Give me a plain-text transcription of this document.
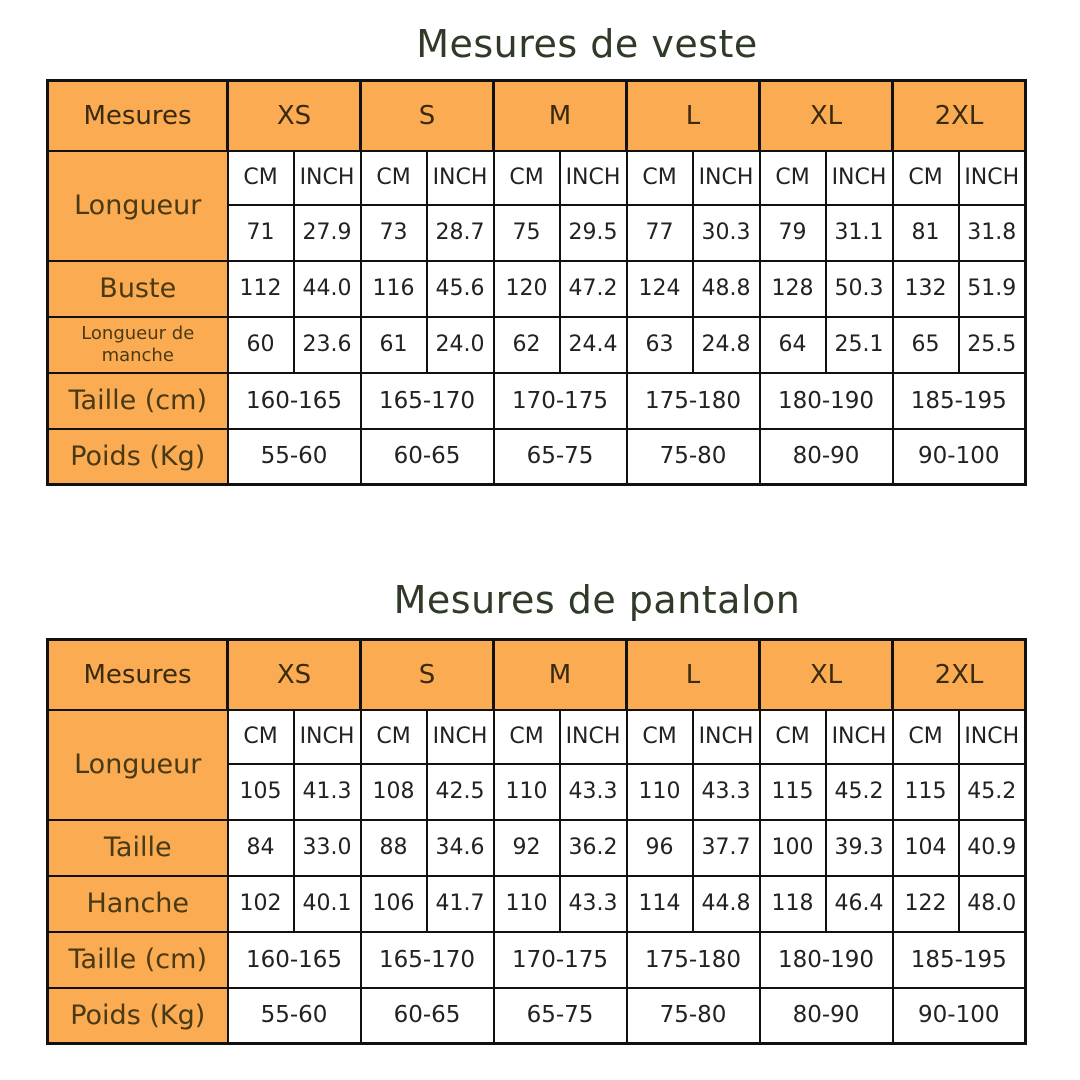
Mesures de veste
Mesures	XS		S		M		L		XL		2XL	
Longueur	CM	INCH	CM	INCH	CM	INCH	CM	INCH	CM	INCH	CM	INCH
	71	27.9	73	28.7	75	29.5	77	30.3	79	31.1	81	31.8
Buste	112	44.0	116	45.6	120	47.2	124	48.8	128	50.3	132	51.9
Longueur de manche	60	23.6	61	24.0	62	24.4	63	24.8	64	25.1	65	25.5
Taille (cm)	160-165		165-170		170-175		175-180		180-190		185-195	
Poids (Kg)	55-60		60-65		65-75		75-80		80-90		90-100	
Mesures de pantalon
Mesures	XS		S		M		L		XL		2XL	
Longueur	CM	INCH	CM	INCH	CM	INCH	CM	INCH	CM	INCH	CM	INCH
	105	41.3	108	42.5	110	43.3	110	43.3	115	45.2	115	45.2
Taille	84	33.0	88	34.6	92	36.2	96	37.7	100	39.3	104	40.9
Hanche	102	40.1	106	41.7	110	43.3	114	44.8	118	46.4	122	48.0
Taille (cm)	160-165		165-170		170-175		175-180		180-190		185-195	
Poids (Kg)	55-60		60-65		65-75		75-80		80-90		90-100	
